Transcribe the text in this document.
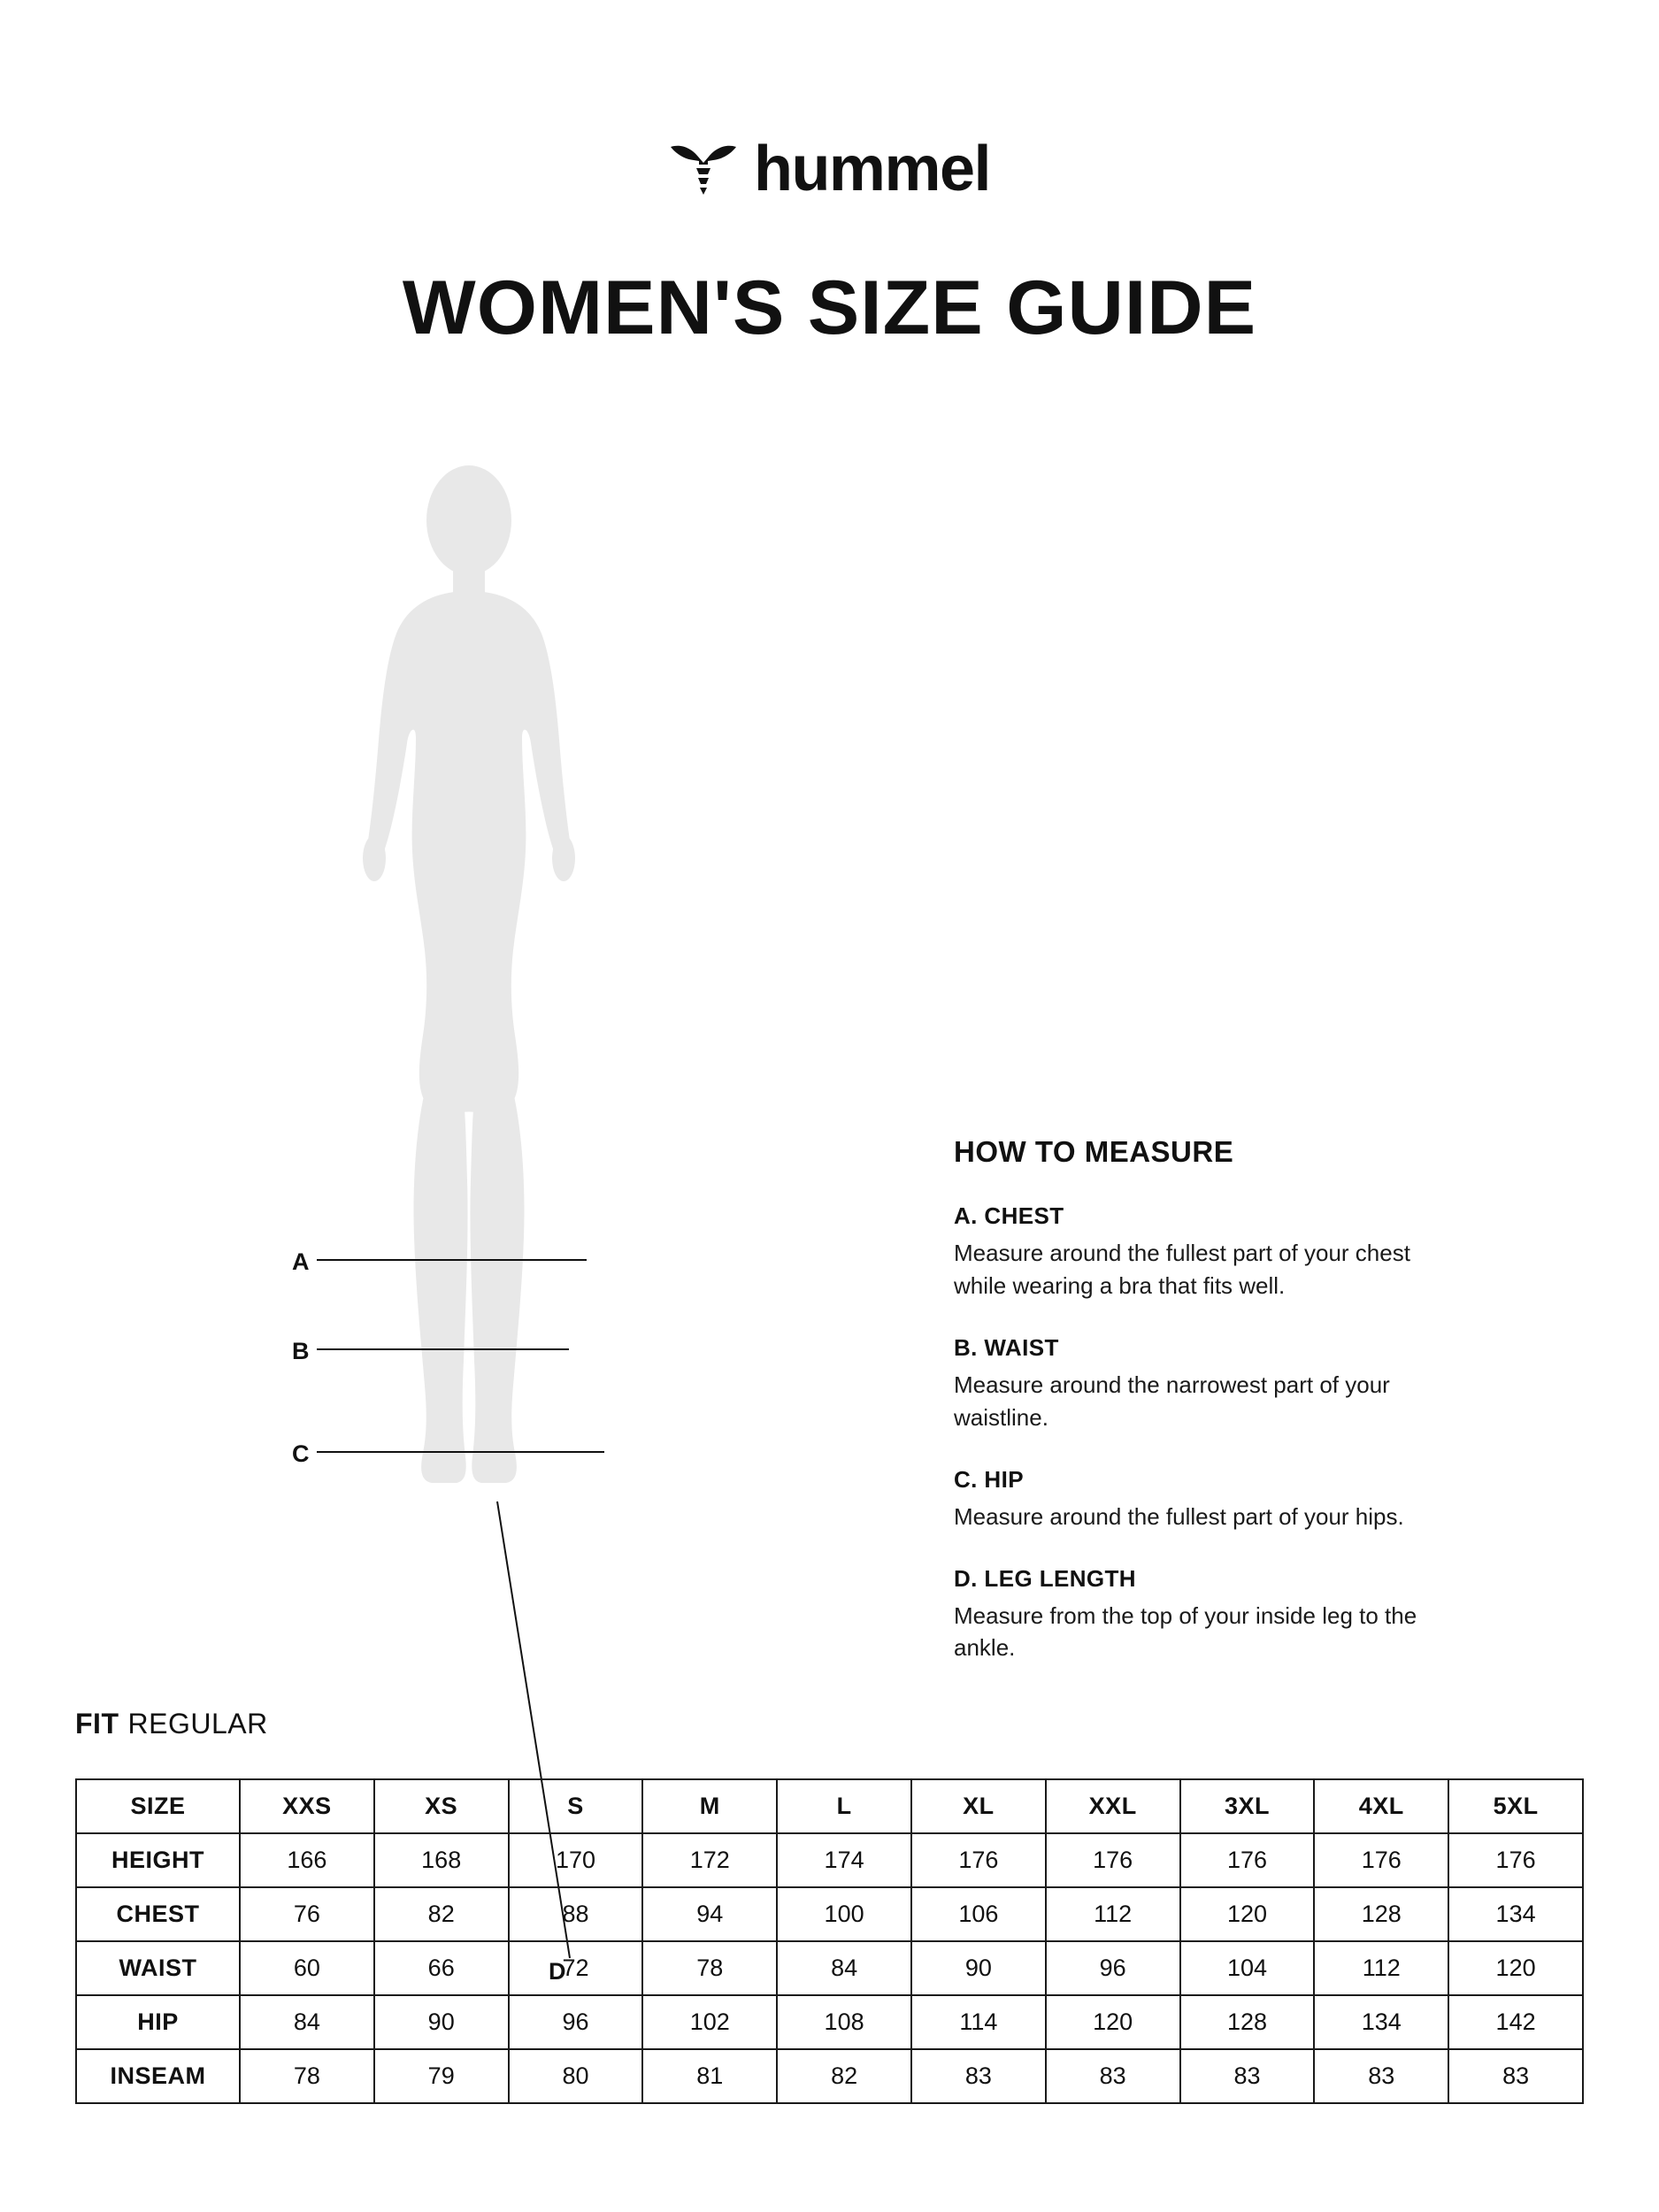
hummel
WOMEN'S SIZE GUIDE
A
B
C
D
HOW TO MEASURE
A. CHEST

Measure around the fullest part of your chest while wearing a bra that fits well.

B. WAIST

Measure around the narrowest part of your waistline.

C. HIP

Measure around the fullest part of your hips.

D. LEG LENGTH

Measure from the top of your inside leg to the ankle.

FIT REGULAR
SIZE	XXS	XS	S	M	L	XL	XXL	3XL	4XL	5XL
HEIGHT	166	168	170	172	174	176	176	176	176	176
CHEST	76	82	88	94	100	106	112	120	128	134
WAIST	60	66	72	78	84	90	96	104	112	120
HIP	84	90	96	102	108	114	120	128	134	142
INSEAM	78	79	80	81	82	83	83	83	83	83
